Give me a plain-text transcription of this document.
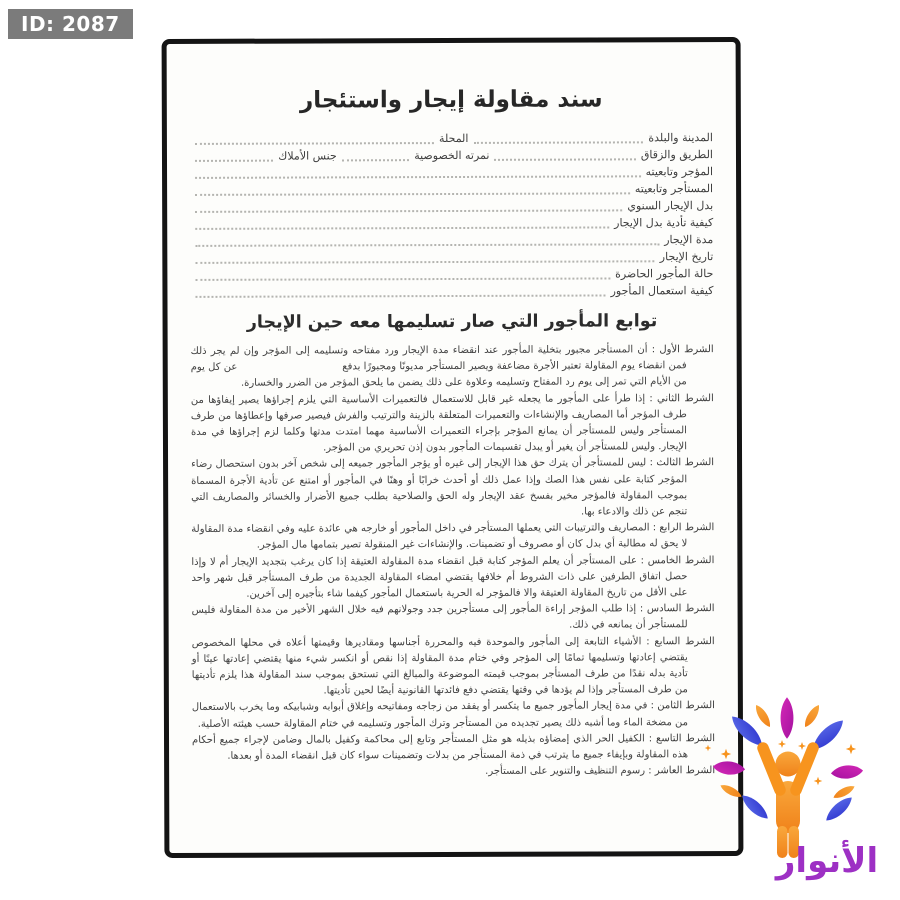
ID: 2087
سند مقاولة إيجار واستئجار
المدينة والبلدة
المحلة
الطريق والزقاق
نمرته الخصوصية
جنس الأملاك
المؤجر وتابعيته
المستأجر وتابعيته
بدل الإيجار السنوي
كيفية تأدية بدل الإيجار
مدة الإيجار
تاريخ الإيجار
حالة المأجور الحاضرة
كيفية استعمال المأجور
توابع المأجور التي صار تسليمها معه حين الإيجار

الشرط الأول : أن المستأجر مجبور بتخلية المأجور عند انقضاء مدة الإيجار ورد مفتاحه وتسليمه إلى المؤجر وإن لم يجر ذلك فمن انقضاء يوم المقاولة تعتبر الأجرة مضاعفة ويصير المستأجر مديونًا ومجبورًا بدفع                                عن كل يوم من الأيام التي تمر إلى يوم رد المفتاح وتسليمه وعلاوة على ذلك يضمن ما يلحق المؤجر من الضرر والخسارة.

الشرط الثاني : إذا طرأ على المأجور ما يجعله غير قابل للاستعمال فالتعميرات الأساسية التي يلزم إجراؤها يصير إيفاؤها من طرف المؤجر أما المصاريف والإنشاءات والتعميرات المتعلقة بالزينة والترتيب والفرش فيصير صرفها وإعطاؤها من طرف المستأجر وليس للمستأجر أن يمانع المؤجر بإجراء التعميرات الأساسية مهما امتدت مدتها وكلما لزم إجراؤها في مدة الإيجار. وليس للمستأجر أن يغير أو يبدل تقسيمات المأجور بدون إذن تحريري من المؤجر.

الشرط الثالث : ليس للمستأجر أن يترك حق هذا الإيجار إلى غيره أو يؤجر المأجور جميعه إلى شخص آخر بدون استحصال رضاء المؤجر كتابة على نفس هذا الصك وإذا عمل ذلك أو أحدث خرابًا أو وهنًا في المأجور أو امتنع عن تأدية الأجرة المسماة بموجب المقاولة فالمؤجر مخير بفسخ عقد الإيجار وله الحق والصلاحية بطلب جميع الأضرار والخسائر والمصاريف التي تنجم عن ذلك والادعاء بها.

الشرط الرابع : المصاريف والترتيبات التي يعملها المستأجر في داخل المأجور أو خارجه هي عائدة عليه وفي انقضاء مدة المقاولة لا يحق له مطالبة أي بدل كان أو مصروف أو تضمينات. والإنشاءات غير المنقولة تصير بتمامها مال المؤجر.

الشرط الخامس : على المستأجر أن يعلم المؤجر كتابة قبل انقضاء مدة المقاولة العتيقة إذا كان يرغب بتجديد الإيجار أم لا وإذا حصل اتفاق الطرفين على ذات الشروط أم خلافها يقتضي امضاء المقاولة الجديدة من طرف المستأجر قبل شهر واحد على الأقل من تاريخ المقاولة العتيقة والا فالمؤجر له الحرية باستعمال المأجور كيفما شاء بتأجيره إلى آخرين.

الشرط السادس : إذا طلب المؤجر إراءة المأجور إلى مستأجرين جدد وجولانهم فيه خلال الشهر الأخير من مدة المقاولة فليس للمستأجر أن يمانعه في ذلك.

الشرط السابع : الأشياء التابعة إلى المأجور والموحدة فيه والمحررة أجناسها ومقاديرها وقيمتها أعلاه في محلها المخصوص يقتضي إعادتها وتسليمها تمامًا إلى المؤجر وفي ختام مدة المقاولة إذا نقص أو انكسر شيء منها يقتضي إعادتها عينًا أو تأدية بدله نقدًا من طرف المستأجر بموجب قيمته الموضوعة والمبالغ التي تستحق بموجب سند المقاولة هذا يلزم تأديتها من طرف المستأجر وإذا لم يؤدها في وقتها يقتضي دفع فائدتها القانونية أيضًا لحين تأديتها.

الشرط الثامن : في مدة إيجار المأجور جميع ما يتكسر أو يفقد من زجاجه ومفاتيحه وإغلاق أبوابه وشبابيكه وما يخرب بالاستعمال من مضخة الماء وما أشبه ذلك يصير تجديده من المستأجر وترك المأجور وتسليمه في ختام المقاولة حسب هيئته الأصلية.

الشرط التاسع : الكفيل الحر الذي إمضاؤه بذيله هو مثل المستأجر وتابع إلى محاكمة وكفيل بالمال وضامن لإجراء جميع أحكام هذه المقاولة وبإيفاء جميع ما يترتب في ذمة المستأجر من بدلات وتضمينات سواء كان قبل انقضاء المدة أو بعدها.

الشرط العاشر : رسوم التنظيف والتنوير على المستأجر.

الأنوار
